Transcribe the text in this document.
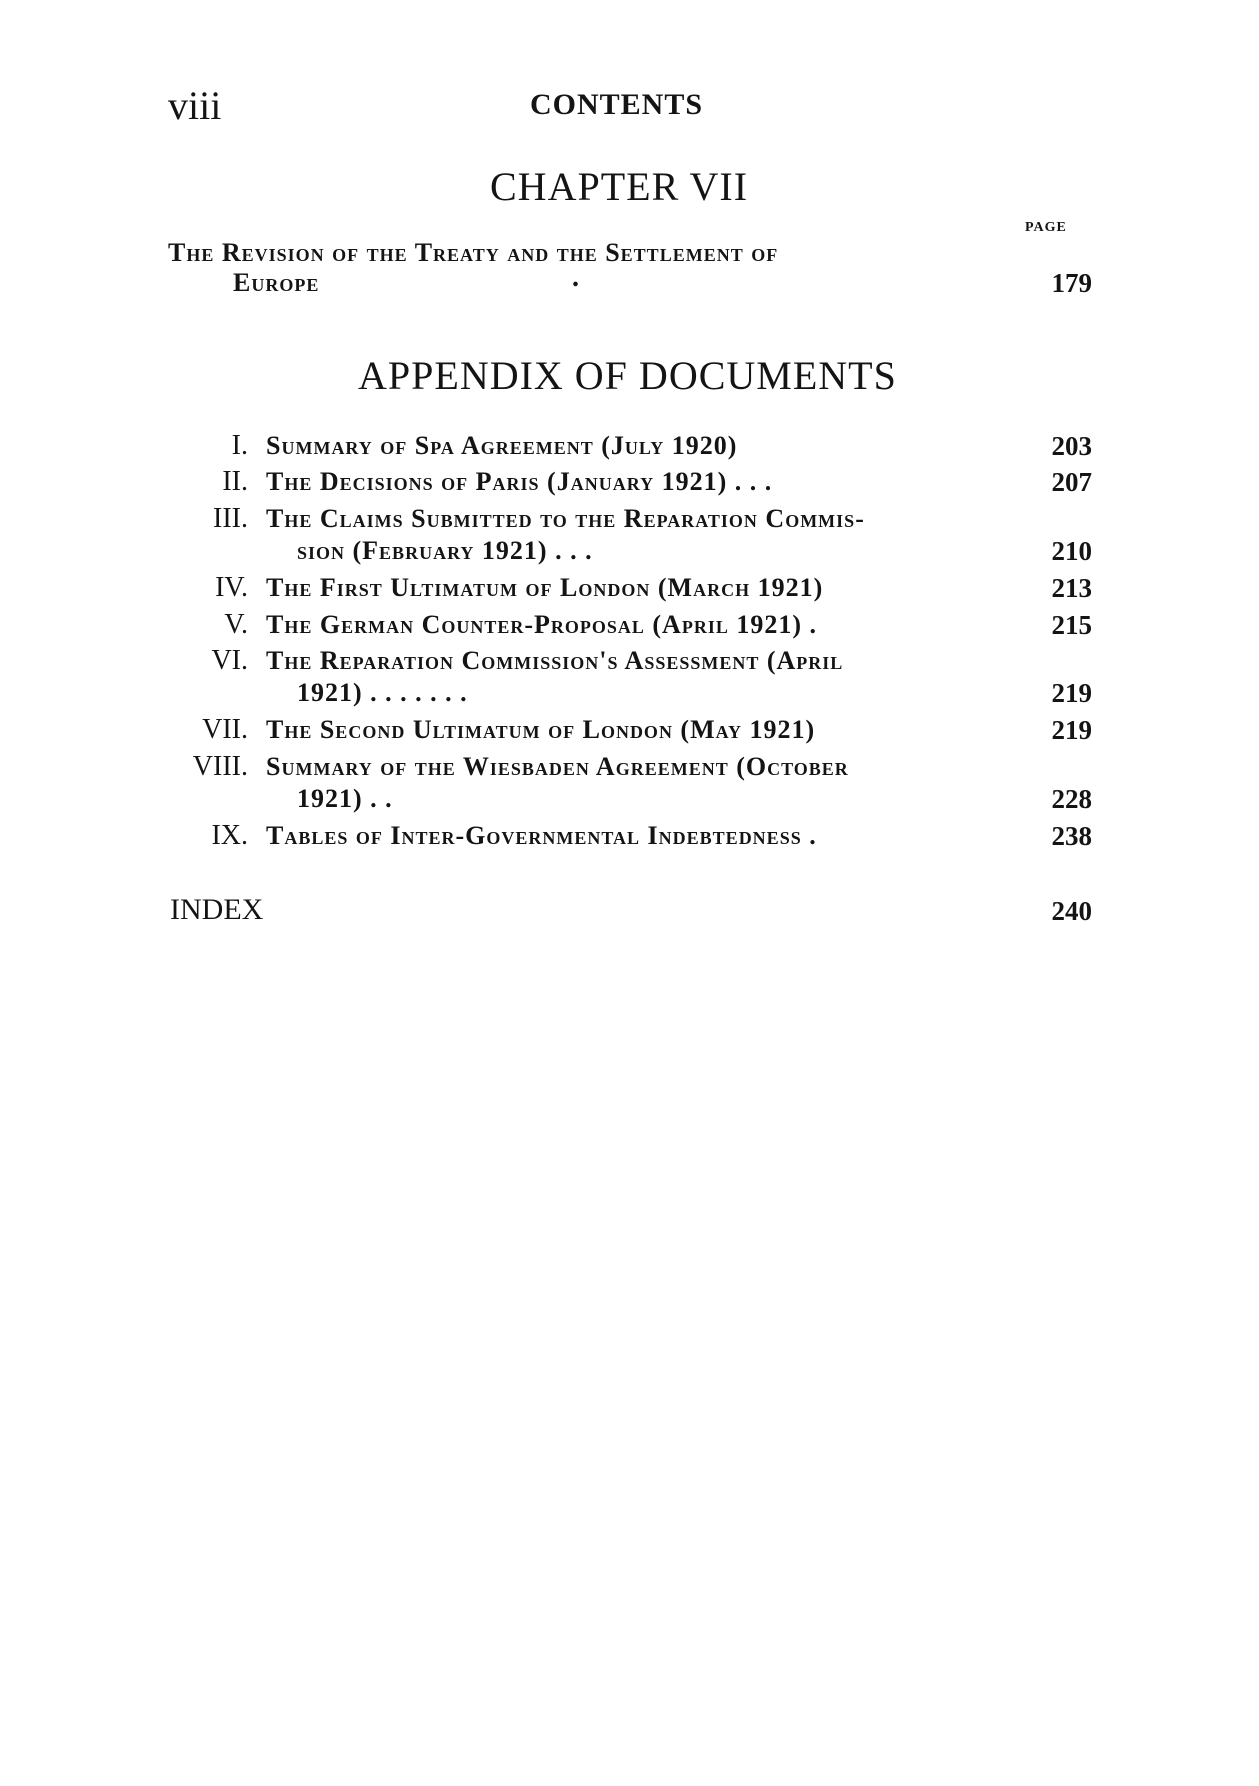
viii	CONTENTS
CHAPTER VII
PAGE
The Revision of the Treaty and the Settlement of
Europe	.	179
APPENDIX OF DOCUMENTS
I. Summary of Spa Agreement (July 1920)	203
II. The Decisions of Paris (January 1921) . . .	207
III. The Claims Submitted to the Reparation Commis-
sion (February 1921) . . .	210
IV. The First Ultimatum of London (March 1921)	213
V. The German Counter-Proposal (April 1921) .	215
VI. The Reparation Commission's Assessment (April
1921) . . . . . . .	219
VII. The Second Ultimatum of London (May 1921)	219
VIII. Summary of the Wiesbaden Agreement (October
1921) . .	228
IX. Tables of Inter-Governmental Indebtedness .	238
INDEX	240
